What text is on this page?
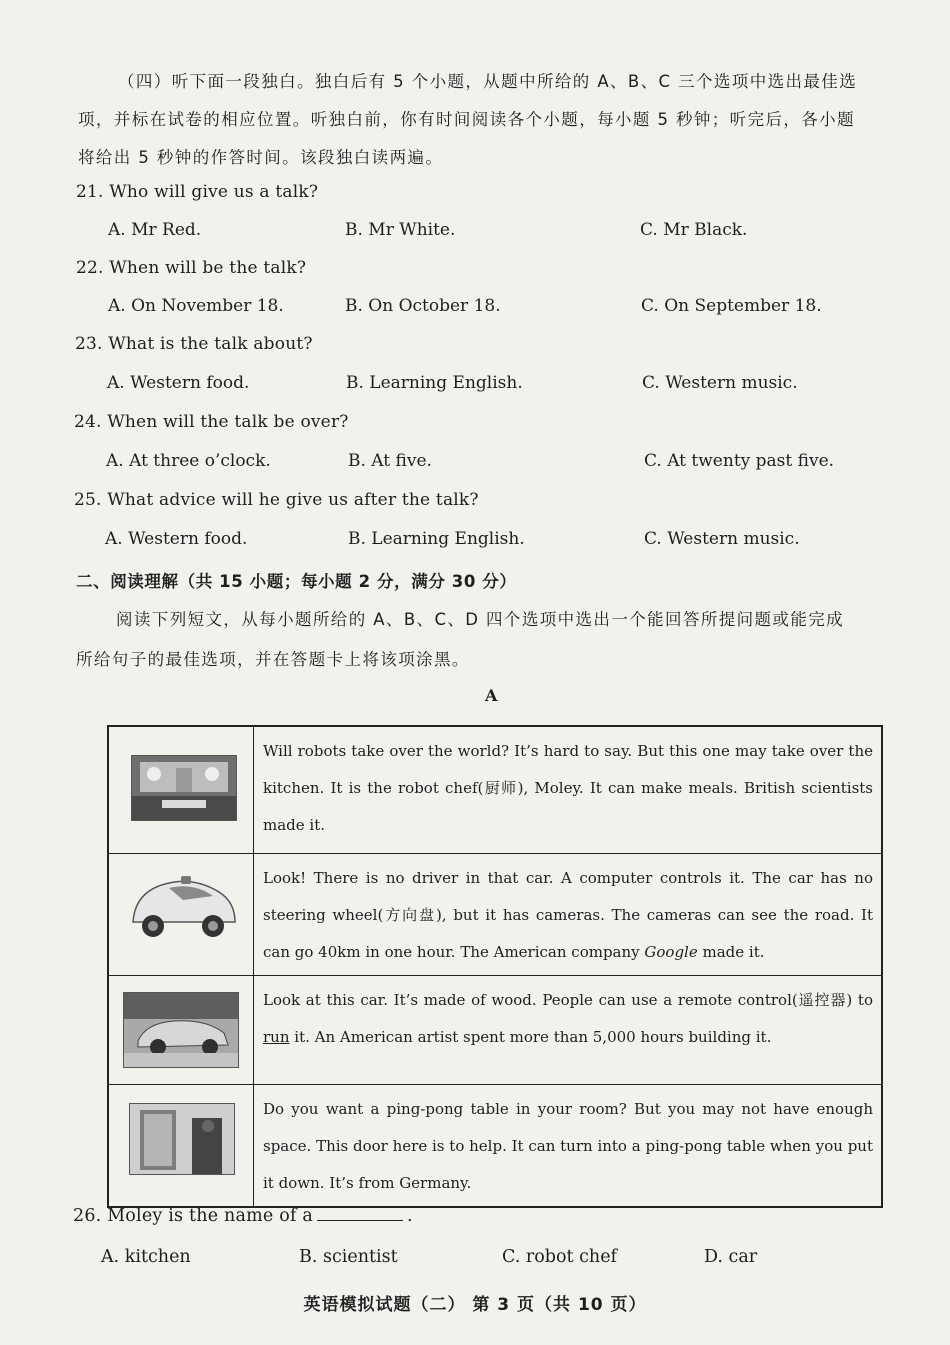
（四）听下面一段独白。独白后有 5 个小题，从题中所给的 A、B、C 三个选项中选出最佳选
项，并标在试卷的相应位置。听独白前，你有时间阅读各个小题，每小题 5 秒钟；听完后，各小题
将给出 5 秒钟的作答时间。该段独白读两遍。
21. Who will give us a talk?
A. Mr Red.	B. Mr White.	C. Mr Black.
22. When will be the talk?
A. On November 18.	B. On October 18.	C. On September 18.
23. What is the talk about?
A. Western food.	B. Learning English.	C. Western music.
24. When will the talk be over?
A. At three o’clock.	B. At five.	C. At twenty past five.
25. What advice will he give us after the talk?
A. Western food.	B. Learning English.	C. Western music.
二、阅读理解（共 15 小题；每小题 2 分，满分 30 分）
阅读下列短文，从每小题所给的 A、B、C、D 四个选项中选出一个能回答所提问题或能完成
所给句子的最佳选项，并在答题卡上将该项涂黑。
A
	Will robots take over the world? It’s hard to say. But this one may take over the kitchen. It is the robot chef(厨师), Moley. It can make meals. British scientists made it.

	Look! There is no driver in that car. A computer controls it. The car has no steering wheel(方向盘), but it has cameras. The cameras can see the road. It can go 40km in one hour. The American company Google made it.

	Look at this car. It’s made of wood. People can use a remote control(遥控器) to run it. An American artist spent more than 5,000 hours building it.

	Do you want a ping-pong table in your room? But you may not have enough space. This door here is to help. It can turn into a ping-pong table when you put it down. It’s from Germany.
26. Moley is the name of a	.
A. kitchen	B. scientist	C. robot chef	D. car
英语模拟试题（二） 第 3 页（共 10 页）
